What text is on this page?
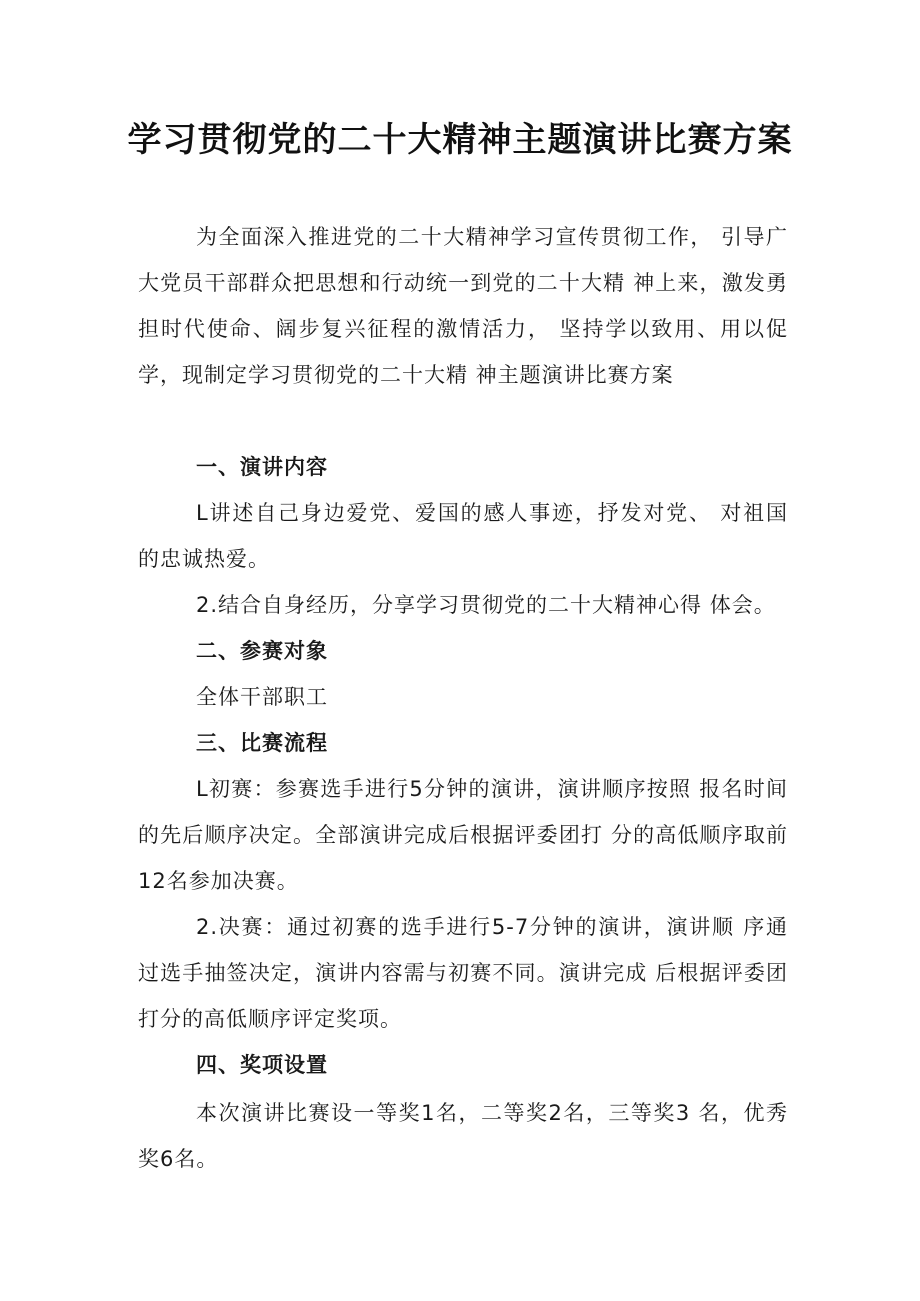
学习贯彻党的二十大精神主题演讲比赛方案
为全面深入推进党的二十大精神学习宣传贯彻工作， 引导广大党员干部群众把思想和行动统一到党的二十大精 神上来，激发勇担时代使命、阔步复兴征程的激情活力， 坚持学以致用、用以促学，现制定学习贯彻党的二十大精 神主题演讲比赛方案
一、演讲内容
L讲述自己身边爱党、爱国的感人事迹，抒发对党、 对祖国的忠诚热爱。
2.结合自身经历，分享学习贯彻党的二十大精神心得 体会。
二、参赛对象
全体干部职工
三、比赛流程
L初赛：参赛选手进行5分钟的演讲，演讲顺序按照 报名时间的先后顺序决定。全部演讲完成后根据评委团打 分的高低顺序取前12名参加决赛。
2.决赛：通过初赛的选手进行5-7分钟的演讲，演讲顺 序通过选手抽签决定，演讲内容需与初赛不同。演讲完成 后根据评委团打分的高低顺序评定奖项。
四、奖项设置
本次演讲比赛设一等奖1名，二等奖2名，三等奖3 名，优秀奖6名。
